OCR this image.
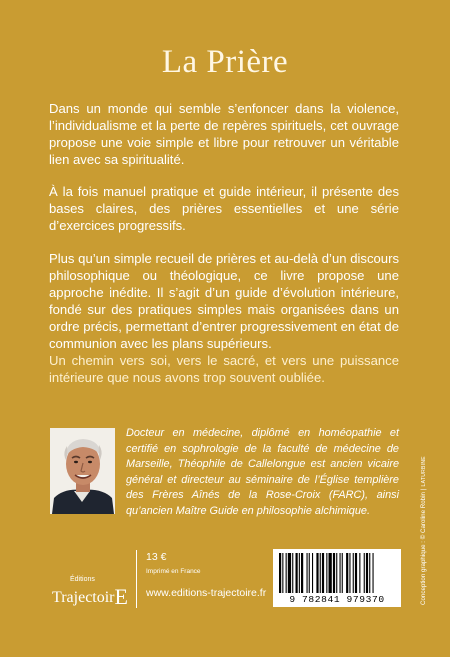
La Prière
Dans un monde qui semble s’enfoncer dans la violence, l’individualisme et la perte de repères spirituels, cet ouvrage propose une voie simple et libre pour retrouver un véritable lien avec sa spiritualité.
À la fois manuel pratique et guide intérieur, il présente des bases claires, des prières essentielles et une série d’exercices progressifs.
Plus qu’un simple recueil de prières et au-delà d’un discours philosophique ou théologique, ce livre propose une approche inédite. Il s’agit d’un guide d’évolution intérieure, fondé sur des pratiques simples mais organisées dans un ordre précis, permettant d’entrer progressivement en état de communion avec les plans supérieurs.
Un chemin vers soi, vers le sacré, et vers une puissance intérieure que nous avons trop souvent oubliée.
Docteur en médecine, diplômé en homéopathie et certifié en sophrologie de la faculté de médecine de Marseille, Théophile de Callelongue est ancien vicaire général et directeur au séminaire de l’Église templière des Frères Aînés de la Rose-Croix (FARC), ainsi qu’ancien Maître Guide en philosophie alchimique.
Éditions
TrajectoirE
13 €
Imprimé en France
www.editions-trajectoire.fr
9 782841 979370	Conception graphique : © Caroline Robin|LATURBINE
